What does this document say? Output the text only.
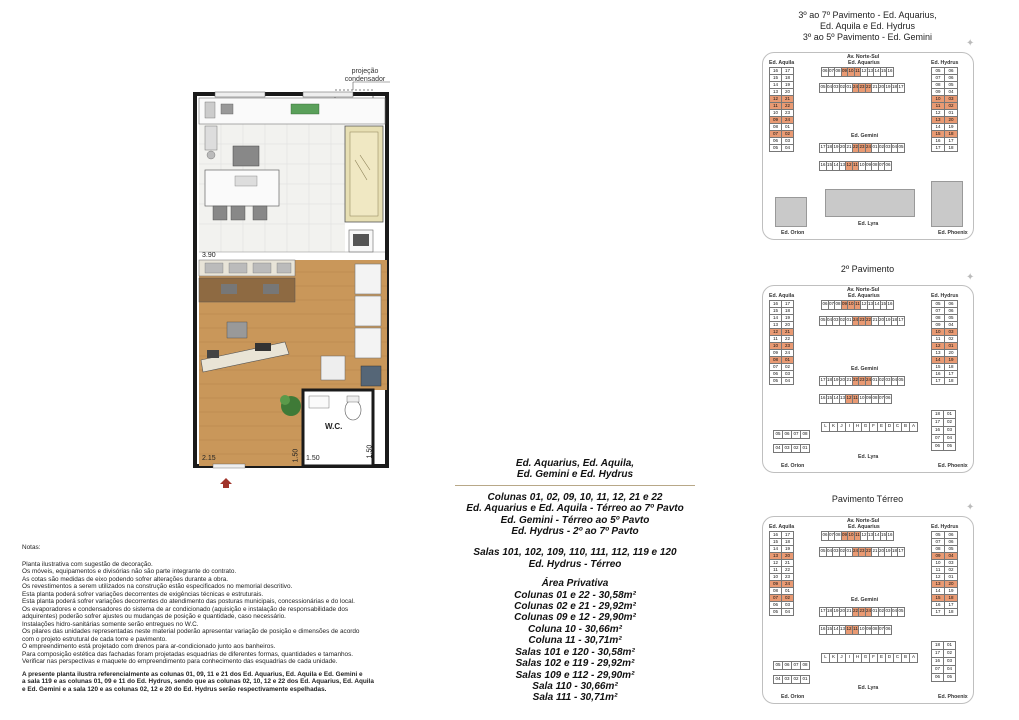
projeção
condensador
3.90
2.15	1.50
1.50	1.50
W.C.
Ed. Aquarius, Ed. Aquila,
Ed. Gemini e Ed. Hydrus
Colunas 01, 02, 09, 10, 11, 12, 21 e 22
Ed. Aquarius e Ed. Aquila - Térreo ao 7º Pavto
Ed. Gemini - Térreo ao 5º Pavto
Ed. Hydrus - 2º ao 7º Pavto
Salas 101, 102, 109, 110, 111, 112, 119 e 120
Ed. Hydrus - Térreo
Área Privativa
Colunas 01 e 22 - 30,58m²
Colunas 02 e 21 - 29,92m²
Colunas 09 e 12 - 29,90m²
Coluna 10 - 30,66m²
Coluna 11 - 30,71m²
Salas 101 e 120 - 30,58m²
Salas 102 e 119 - 29,92m²
Salas 109 e 112 - 29,90m²
Sala 110 - 30,66m²
Sala 111 - 30,71m²
Notas:
Planta ilustrativa com sugestão de decoração.
Os móveis, equipamentos e divisórias não são parte integrante do contrato.
As cotas são medidas de eixo podendo sofrer alterações durante a obra.
Os revestimentos a serem utilizados na construção estão especificados no memorial descritivo.
Esta planta poderá sofrer variações decorrentes de exigências técnicas e estruturais.
Esta planta poderá sofrer variações decorrentes do atendimento das posturas municipais, concessionárias e do local.
Os evaporadores e condensadores do sistema de ar condicionado (aquisição e instalação de responsabilidade dos
adquirentes) poderão sofrer ajustes ou mudanças de posição e quantidade, caso necessário.
Instalações hidro-sanitárias somente serão entregues no W.C.
Os pilares das unidades representadas neste material poderão apresentar variação de posição e dimensões de acordo
com o projeto estrutural de cada torre e pavimento.
O empreendimento está projetado com drenos para ar-condicionado junto aos banheiros.
Para composição estética das fachadas foram projetadas esquadrias de diferentes formas, quantidades e tamanhos.
Verificar nas perspectivas e maquete do empreendimento para conhecimento das esquadrias de cada unidade.
A presente planta ilustra referencialmente as colunas 01, 09, 11 e 21 dos Ed. Aquarius, Ed. Aquila e Ed. Gemini e
a sala 119 e as colunas 01, 09 e 11 do Ed. Hydrus, sendo que as colunas 02, 10, 12 e 22 dos Ed. Aquarius, Ed. Aquila
e Ed. Gemini e a sala 120 e as colunas 02, 12 e 20 do Ed. Hydrus serão respectivamente espelhadas.
3º ao 7º Pavimento - Ed. Aquarius,
Ed. Aquila e Ed. Hydrus
3º ao 5º Pavimento - Ed. Gemini
Av. Norte-Sul
Ed. Aquila	Ed. Aquarius	Ed. Hydrus
Ed. Gemini
Ed. Orion
Ed. Lyra
Ed. Phoenix
16
15
14
13
12
11
10
09
08
07
06
05
17
18
19
20
21
22
23
24
01
02
03
04
05
07
08
09
10
11
12
13
14
15
16
17
06
06
05
04
03
02
01
20
19
18
17
18
06 07 08 09 10 11 12 13 14 15 16
05 04 03 02 01 24 23 22 21 20 19 18 17
17 18 19 20 21 22 23 24 01 02 03 04 05
16 15 14 13 12 11 10 09 08 07 06
✦
2º Pavimento
Av. Norte-Sul
Ed. Aquila	Ed. Aquarius	Ed. Hydrus
Ed. Gemini
Ed. Orion
Ed. Lyra
Ed. Phoenix
16
15
14
13
12
11
10
09
08
07
06
05
17
18
19
20
21
22
23
24
01
02
03
04
05
07
08
09
10
11
12
13
14
15
16
17
06
06
05
04
03
02
01
20
19
18
17
18
06 07 08 09 10 11 12 13 14 15 16
05 04 03 02 01 24 23 22 21 20 19 18 17
17 18 19 20 21 22 23 24 01 02 03 04 05
16 15 14 13 12 11 10 09 08 07 06
L	K	J	I	H	G	F	E	D	C	B	A
05 06 07 08
04 03 02 01
18	01
17	02
16	03
07	04
06	05
✦
Pavimento Térreo
Av. Norte-Sul
Ed. Aquila	Ed. Aquarius	Ed. Hydrus
Ed. Gemini
Ed. Orion
Ed. Lyra
Ed. Phoenix
16
15
14
13
12
11
10
09
08
07
06
05
17
18
19
20
21
22
23
24
01
02
03
04
05
07
08
09
10
11
12
13
14
15
16
17
06
06
05
04
03
02
01
20
19
18
17
18
06 07 08 09 10 11 12 13 14 15 16
05 04 03 02 01 24 23 22 21 20 19 18 17
17 18 19 20 21 22 23 24 01 02 03 04 05
16 15 14 13 12 11 10 09 08 07 06
L	K	J	I	H	G	F	E	D	C	B	A
05 06 07 08
04 03 02 01
18	01
17	02
16	03
07	04
06	05
✦
